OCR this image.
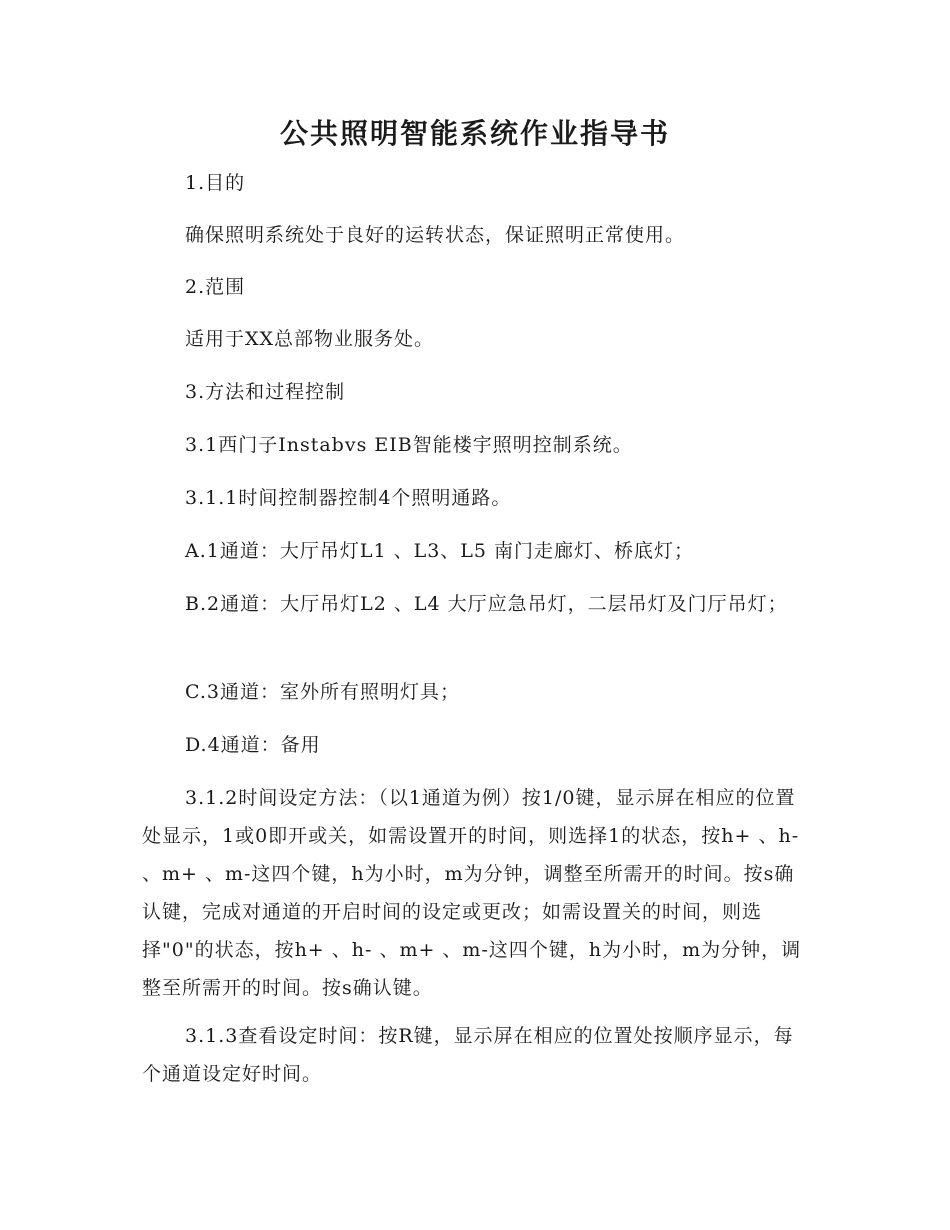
公共照明智能系统作业指导书

1.目的

确保照明系统处于良好的运转状态，保证照明正常使用。

2.范围

适用于XX总部物业服务处。

3.方法和过程控制

3.1西门子Instabvs EIB智能楼宇照明控制系统。

3.1.1时间控制器控制4个照明通路。

A.1通道：大厅吊灯L1 、L3、L5 南门走廊灯、桥底灯；

B.2通道：大厅吊灯L2 、L4 大厅应急吊灯，二层吊灯及门厅吊灯；

C.3通道：室外所有照明灯具；

D.4通道：备用

3.1.2时间设定方法：（以1通道为例）按1/0键，显示屏在相应的位置处显示，1或0即开或关，如需设置开的时间，则选择1的状态，按h+ 、h- 、m+ 、m-这四个键，h为小时，m为分钟，调整至所需开的时间。按s确认键，完成对通道的开启时间的设定或更改；如需设置关的时间，则选择"0"的状态，按h+ 、h- 、m+ 、m-这四个键，h为小时，m为分钟，调整至所需开的时间。按s确认键。

3.1.3查看设定时间：按R键，显示屏在相应的位置处按顺序显示，每个通道设定好时间。
